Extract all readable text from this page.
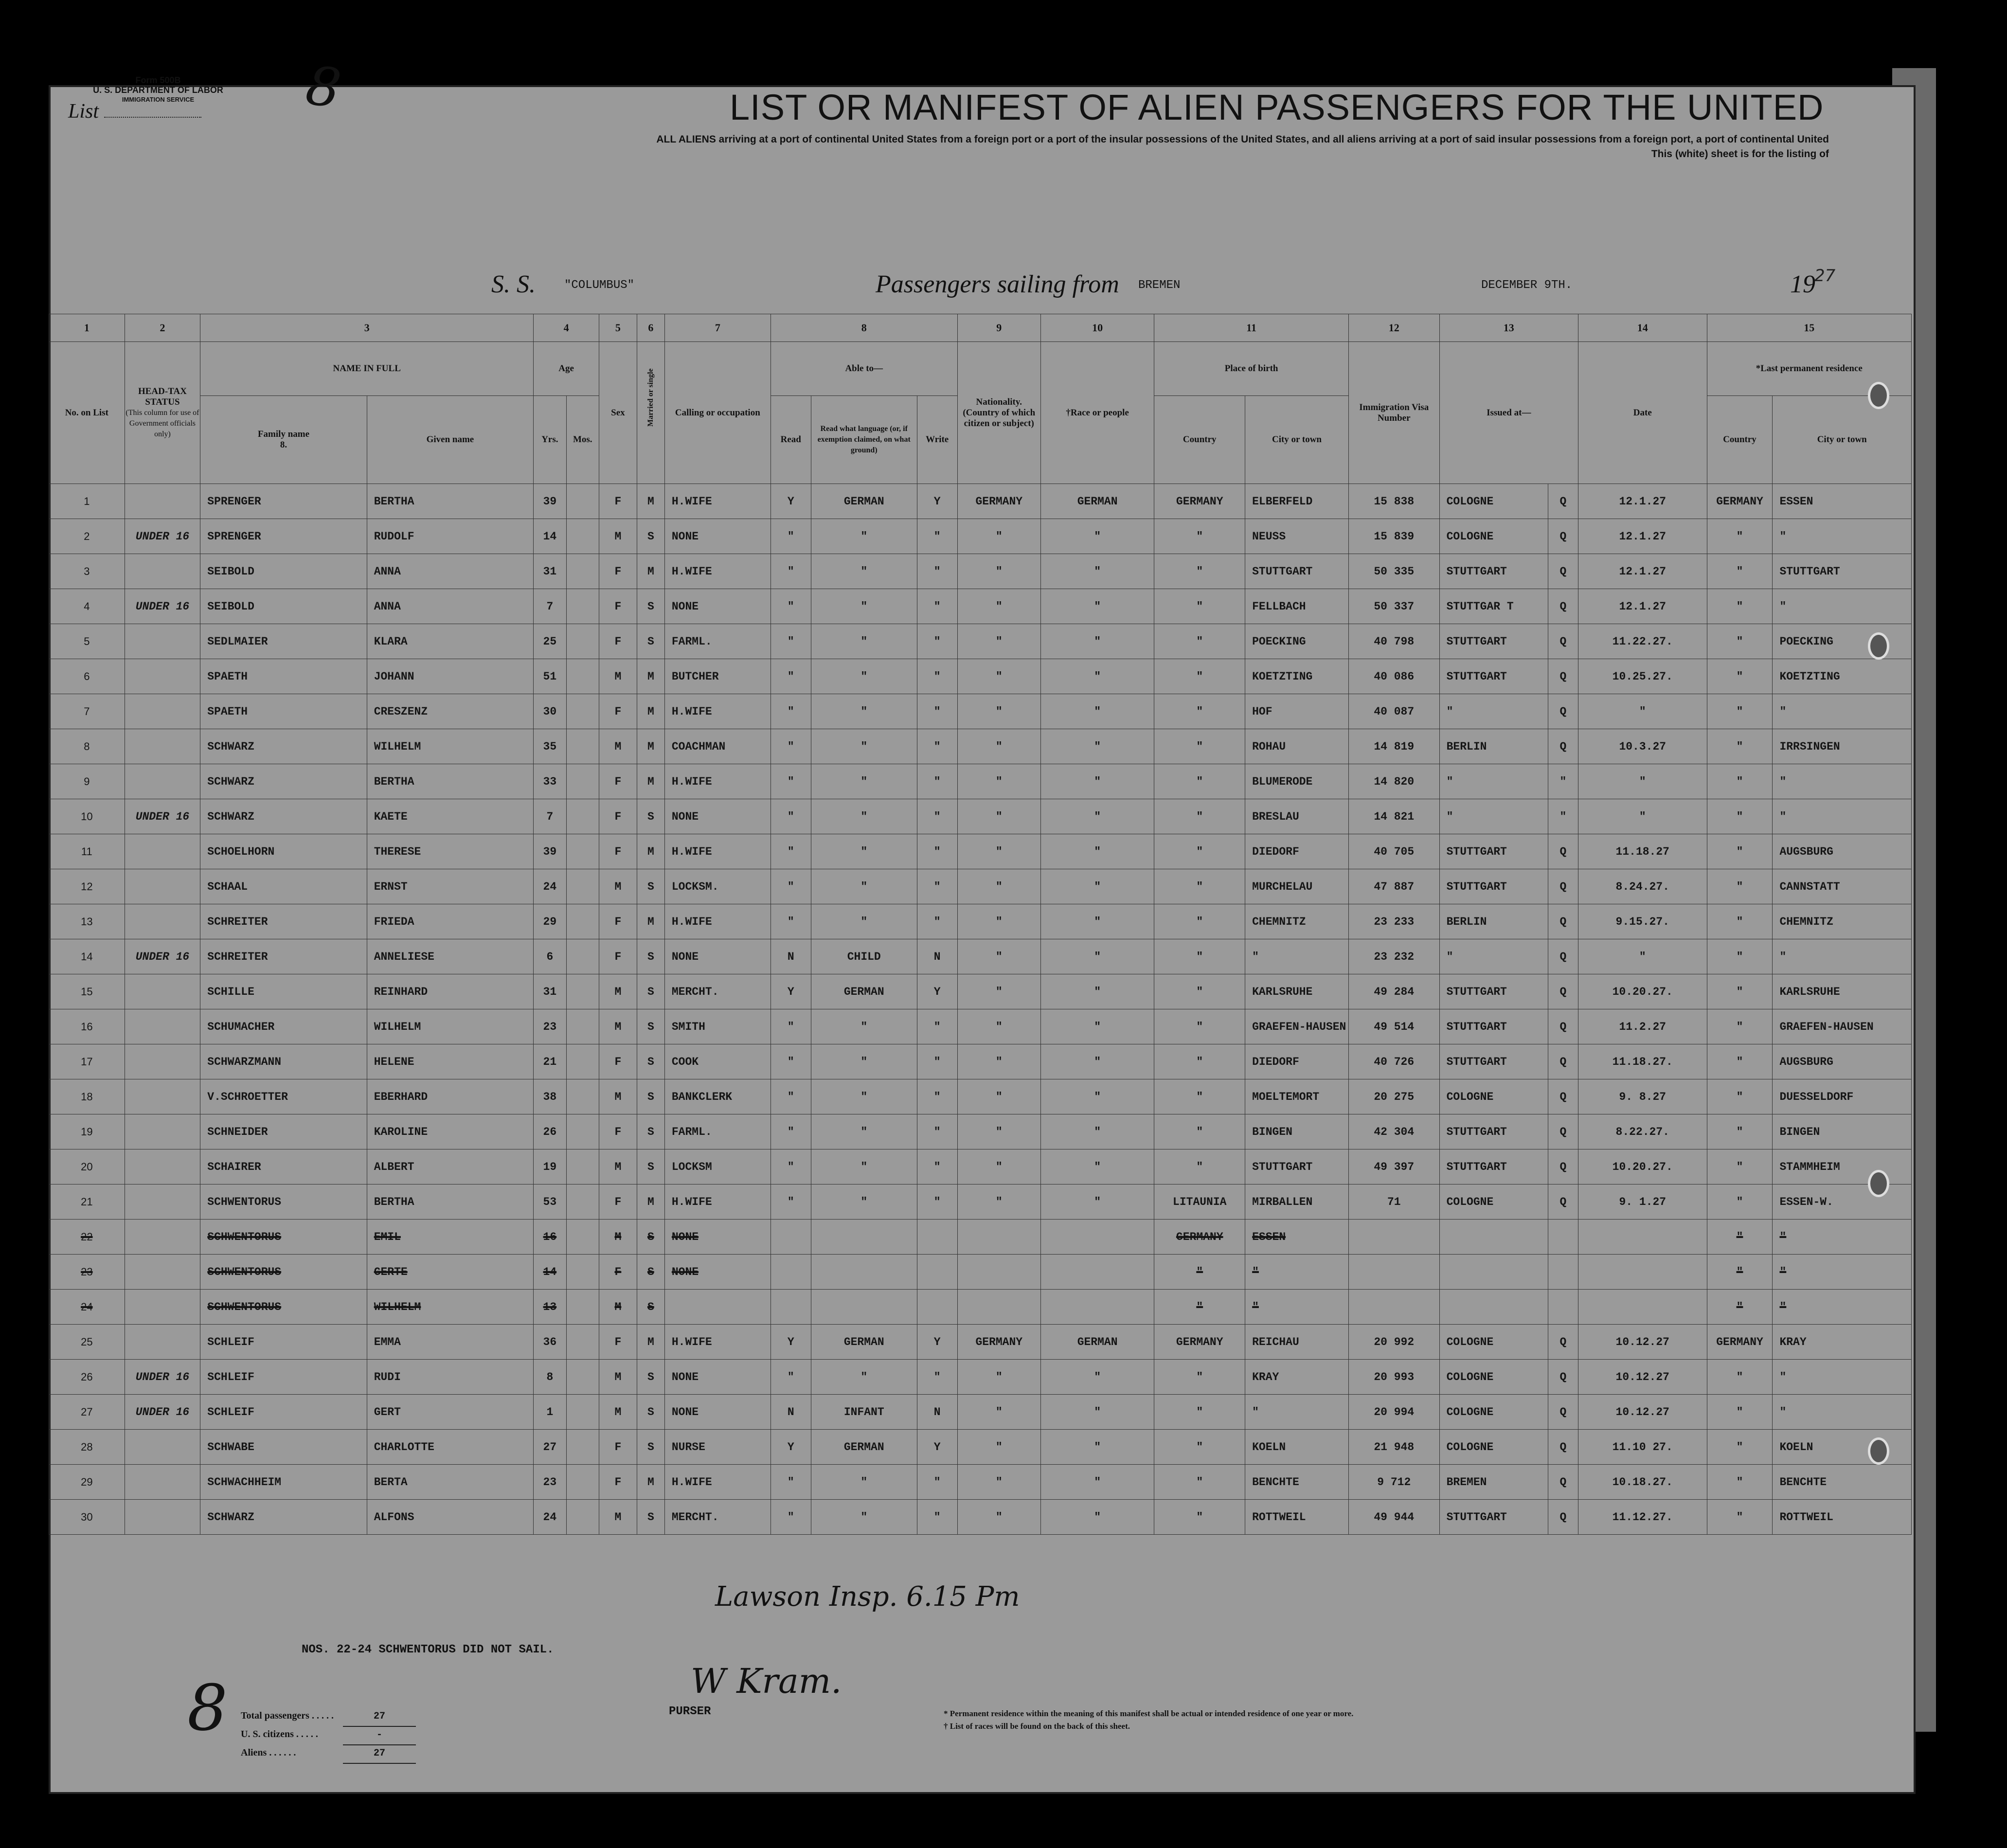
Form 500B
U. S. DEPARTMENT OF LABOR
IMMIGRATION SERVICE
List	8	LIST OR MANIFEST OF ALIEN PASSENGERS FOR THE UNITED
ALL ALIENS arriving at a port of continental United States from a foreign port or a port of the insular possessions of the United States, and all aliens arriving at a port of said insular possessions from a foreign port, a port of continental United
This (white) sheet is for the listing of
S. S. "COLUMBUS"	Passengers sailing from BREMEN	DECEMBER 9TH.	19
27
1	2	3		4		5	6	7	8			9	10	11		12	13		14	15	
No. on List	HEAD-TAX STATUS
(This column for use of Government officials only)	NAME IN FULL		Age		Sex	Married or single	Calling or occupation	Able to—			Nationality. (Country of which citizen or subject)	†Race or people	Place of birth		Immigration Visa Number	Issued at—		Date	*Last permanent residence	

		Family name
8.	Given name	Yrs.	Mos.				Read	Read what language (or, if exemption claimed, on what ground)	Write			Country	City or town					Country	City or town
1		SPRENGER	BERTHA	39		F	M	H.WIFE	Y	GERMAN	Y	GERMANY	GERMAN	GERMANY	ELBERFELD	15 838	COLOGNE	Q	12.1.27	GERMANY	ESSEN
2	UNDER 16	SPRENGER	RUDOLF	14		M	S	NONE	"	"	"	"	"	"	NEUSS	15 839	COLOGNE	Q	12.1.27	"	"
3		SEIBOLD	ANNA	31		F	M	H.WIFE	"	"	"	"	"	"	STUTTGART	50 335	STUTTGART	Q	12.1.27	"	STUTTGART
4	UNDER 16	SEIBOLD	ANNA	7		F	S	NONE	"	"	"	"	"	"	FELLBACH	50 337	STUTTGAR T	Q	12.1.27	"	"
5		SEDLMAIER	KLARA	25		F	S	FARML.	"	"	"	"	"	"	POECKING	40 798	STUTTGART	Q	11.22.27.	"	POECKING
6		SPAETH	JOHANN	51		M	M	BUTCHER	"	"	"	"	"	"	KOETZTING	40 086	STUTTGART	Q	10.25.27.	"	KOETZTING
7		SPAETH	CRESZENZ	30		F	M	H.WIFE	"	"	"	"	"	"	HOF	40 087	"	Q	"	"	"
8		SCHWARZ	WILHELM	35		M	M	COACHMAN	"	"	"	"	"	"	ROHAU	14 819	BERLIN	Q	10.3.27	"	IRRSINGEN
9		SCHWARZ	BERTHA	33		F	M	H.WIFE	"	"	"	"	"	"	BLUMERODE	14 820	"	"	"	"	"
10	UNDER 16	SCHWARZ	KAETE	7		F	S	NONE	"	"	"	"	"	"	BRESLAU	14 821	"	"	"	"	"
11		SCHOELHORN	THERESE	39		F	M	H.WIFE	"	"	"	"	"	"	DIEDORF	40 705	STUTTGART	Q	11.18.27	"	AUGSBURG
12		SCHAAL	ERNST	24		M	S	LOCKSM.	"	"	"	"	"	"	MURCHELAU	47 887	STUTTGART	Q	8.24.27.	"	CANNSTATT
13		SCHREITER	FRIEDA	29		F	M	H.WIFE	"	"	"	"	"	"	CHEMNITZ	23 233	BERLIN	Q	9.15.27.	"	CHEMNITZ
14	UNDER 16	SCHREITER	ANNELIESE	6		F	S	NONE	N	CHILD	N	"	"	"	"	23 232	"	Q	"	"	"
15		SCHILLE	REINHARD	31		M	S	MERCHT.	Y	GERMAN	Y	"	"	"	KARLSRUHE	49 284	STUTTGART	Q	10.20.27.	"	KARLSRUHE
16		SCHUMACHER	WILHELM	23		M	S	SMITH	"	"	"	"	"	"	GRAEFEN-HAUSEN	49 514	STUTTGART	Q	11.2.27	"	GRAEFEN-HAUSEN
17		SCHWARZMANN	HELENE	21		F	S	COOK	"	"	"	"	"	"	DIEDORF	40 726	STUTTGART	Q	11.18.27.	"	AUGSBURG
18		V.SCHROETTER	EBERHARD	38		M	S	BANKCLERK	"	"	"	"	"	"	MOELTEMORT	20 275	COLOGNE	Q	9. 8.27	"	DUESSELDORF
19		SCHNEIDER	KAROLINE	26		F	S	FARML.	"	"	"	"	"	"	BINGEN	42 304	STUTTGART	Q	8.22.27.	"	BINGEN
20		SCHAIRER	ALBERT	19		M	S	LOCKSM	"	"	"	"	"	"	STUTTGART	49 397	STUTTGART	Q	10.20.27.	"	STAMMHEIM
21		SCHWENTORUS	BERTHA	53		F	M	H.WIFE	"	"	"	"	"	LITAUNIA	MIRBALLEN	71	COLOGNE	Q	9. 1.27	"	ESSEN-W.
22		SCHWENTORUS	EMIL	16		M	S	NONE						GERMANY	ESSEN					"	"
23		SCHWENTORUS	GERTE	14		F	S	NONE						"	"					"	"
24		SCHWENTORUS	WILHELM	13		M	S							"	"					"	"
25		SCHLEIF	EMMA	36		F	M	H.WIFE	Y	GERMAN	Y	GERMANY	GERMAN	GERMANY	REICHAU	20 992	COLOGNE	Q	10.12.27	GERMANY	KRAY
26	UNDER 16	SCHLEIF	RUDI	8		M	S	NONE	"	"	"	"	"	"	KRAY	20 993	COLOGNE	Q	10.12.27	"	"
27	UNDER 16	SCHLEIF	GERT	1		M	S	NONE	N	INFANT	N	"	"	"	"	20 994	COLOGNE	Q	10.12.27	"	"
28		SCHWABE	CHARLOTTE	27		F	S	NURSE	Y	GERMAN	Y	"	"	"	KOELN	21 948	COLOGNE	Q	11.10 27.	"	KOELN
29		SCHWACHHEIM	BERTA	23		F	M	H.WIFE	"	"	"	"	"	"	BENCHTE	9 712	BREMEN	Q	10.18.27.	"	BENCHTE
30		SCHWARZ	ALFONS	24		M	S	MERCHT.	"	"	"	"	"	"	ROTTWEIL	49 944	STUTTGART	Q	11.12.27.	"	ROTTWEIL
Lawson Insp. 6.15 Pm
NOS. 22-24 SCHWENTORUS DID NOT SAIL.
8 Total passengers . . . . .	27
U. S. citizens . . . . .	-
Aliens . . . . . .	27
W Kram.
PURSER	* Permanent residence within the meaning of this manifest shall be actual or intended residence of one year or more.
† List of races will be found on the back of this sheet.
